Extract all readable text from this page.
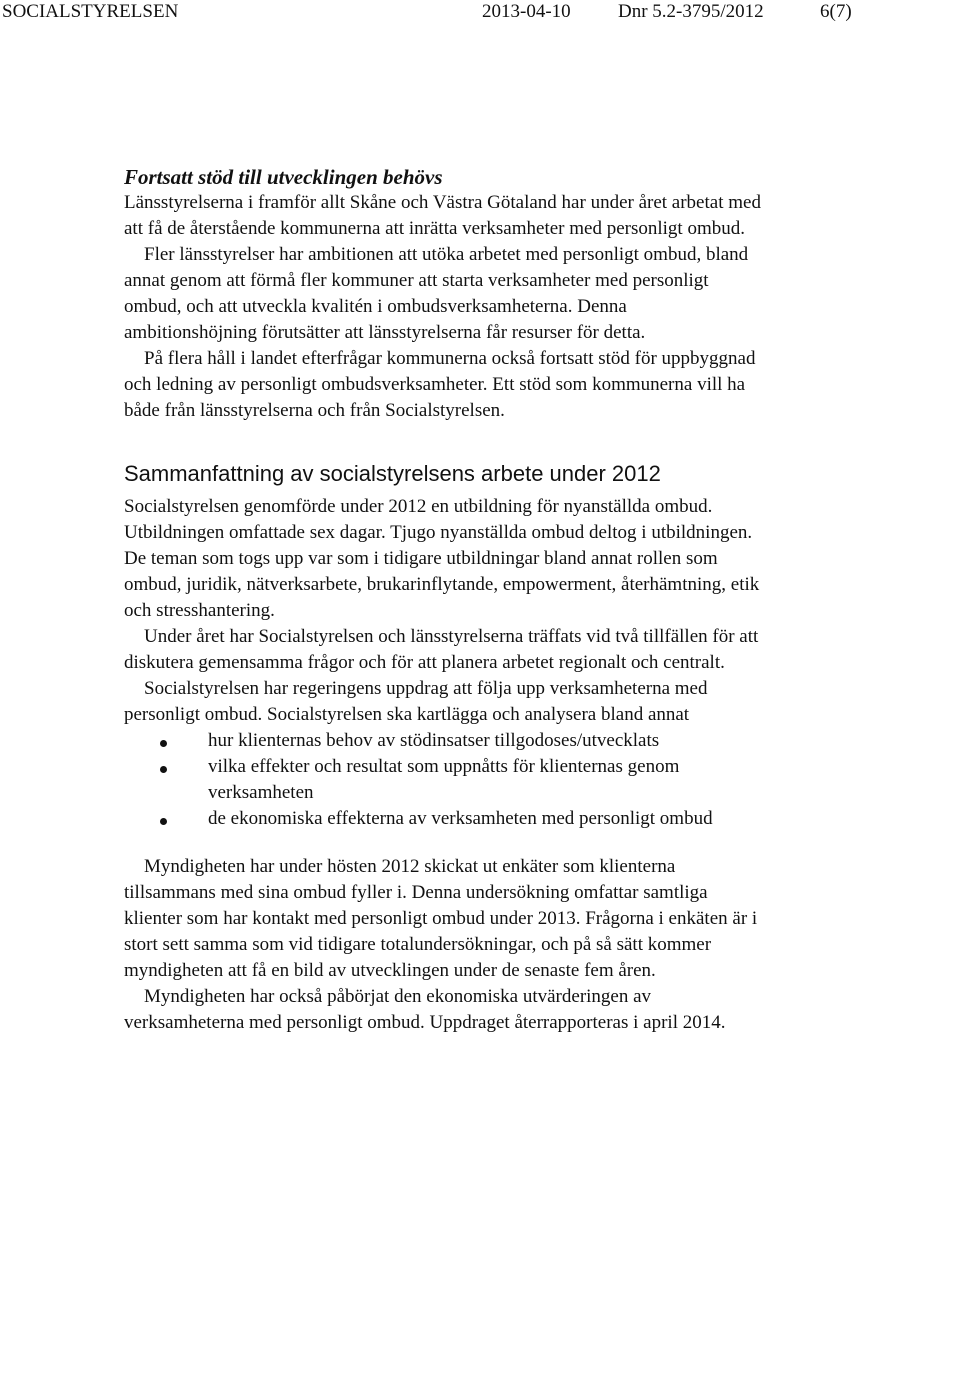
SOCIALSTYRELSEN	2013-04-10 Dnr 5.2-3795/2012	6(7)
Fortsatt stöd till utvecklingen behövs

Länsstyrelserna i framför allt Skåne och Västra Götaland har under året arbetat med att få de återstående kommunerna att inrätta verksamheter med personligt ombud.

Fler länsstyrelser har ambitionen att utöka arbetet med personligt ombud, bland annat genom att förmå fler kommuner att starta verksamheter med personligt ombud, och att utveckla kvalitén i ombudsverksamheterna. Denna ambitionshöjning förutsätter att länsstyrelserna får resurser för detta.

På flera håll i landet efterfrågar kommunerna också fortsatt stöd för uppbyggnad och ledning av personligt ombudsverksamheter. Ett stöd som kommunerna vill ha både från länsstyrelserna och från Socialstyrelsen.

Sammanfattning av socialstyrelsens arbete under 2012

Socialstyrelsen genomförde under 2012 en utbildning för nyanställda ombud. Utbildningen omfattade sex dagar. Tjugo nyanställda ombud deltog i utbildningen. De teman som togs upp var som i tidigare utbildningar bland annat rollen som ombud, juridik, nätverksarbete, brukarinflytande, empowerment, återhämtning, etik och stresshantering.

Under året har Socialstyrelsen och länsstyrelserna träffats vid två tillfällen för att diskutera gemensamma frågor och för att planera arbetet regionalt och centralt.

Socialstyrelsen har regeringens uppdrag att följa upp verksamheterna med personligt ombud. Socialstyrelsen ska kartlägga och analysera bland annat

hur klienternas behov av stödinsatser tillgodoses/utvecklats
vilka effekter och resultat som uppnåtts för klienternas genom verksamheten
de ekonomiska effekterna av verksamheten med personligt ombud

Myndigheten har under hösten 2012 skickat ut enkäter som klienterna tillsammans med sina ombud fyller i. Denna undersökning omfattar samtliga klienter som har kontakt med personligt ombud under 2013. Frågorna i enkäten är i stort sett samma som vid tidigare totalundersökningar, och på så sätt kommer myndigheten att få en bild av utvecklingen under de senaste fem åren.

Myndigheten har också påbörjat den ekonomiska utvärderingen av verksamheterna med personligt ombud. Uppdraget återrapporteras i april 2014.
